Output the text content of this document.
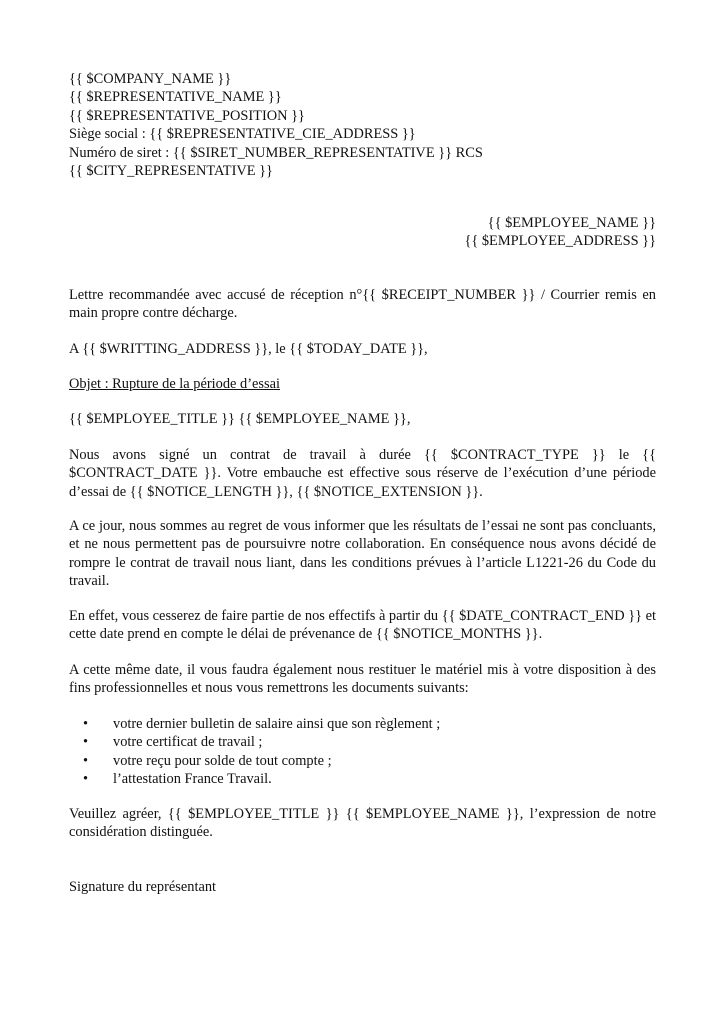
{{ $COMPANY_NAME }}
{{ $REPRESENTATIVE_NAME }}
{{ $REPRESENTATIVE_POSITION }}
Siège social : {{ $REPRESENTATIVE_CIE_ADDRESS }}
Numéro de siret : {{ $SIRET_NUMBER_REPRESENTATIVE }} RCS
{{ $CITY_REPRESENTATIVE }}
{{ $EMPLOYEE_NAME }}
{{ $EMPLOYEE_ADDRESS }}
Lettre recommandée avec accusé de réception n°{{ $RECEIPT_NUMBER }} / Courrier remis en main propre contre décharge.
A {{ $WRITTING_ADDRESS }}, le {{ $TODAY_DATE }},
Objet : Rupture de la période d’essai
{{ $EMPLOYEE_TITLE }} {{ $EMPLOYEE_NAME }},
Nous avons signé un contrat de travail à durée {{ $CONTRACT_TYPE }} le {{ $CONTRACT_DATE }}. Votre embauche est effective sous réserve de l’exécution d’une période d’essai de {{ $NOTICE_LENGTH }}, {{ $NOTICE_EXTENSION }}.
A ce jour, nous sommes au regret de vous informer que les résultats de l’essai ne sont pas concluants, et ne nous permettent pas de poursuivre notre collaboration. En conséquence nous avons décidé de rompre le contrat de travail nous liant, dans les conditions prévues à l’article L1221-26 du Code du travail.
En effet, vous cesserez de faire partie de nos effectifs à partir du {{ $DATE_CONTRACT_END }} et cette date prend en compte le délai de prévenance de {{ $NOTICE_MONTHS }}.
A cette même date, il vous faudra également nous restituer le matériel mis à votre disposition à des fins professionnelles et nous vous remettrons les documents suivants:
• votre dernier bulletin de salaire ainsi que son règlement ;
• votre certificat de travail ;
• votre reçu pour solde de tout compte ;
• l’attestation France Travail.
Veuillez agréer, {{ $EMPLOYEE_TITLE }} {{ $EMPLOYEE_NAME }}, l’expression de notre considération distinguée.
Signature du représentant
